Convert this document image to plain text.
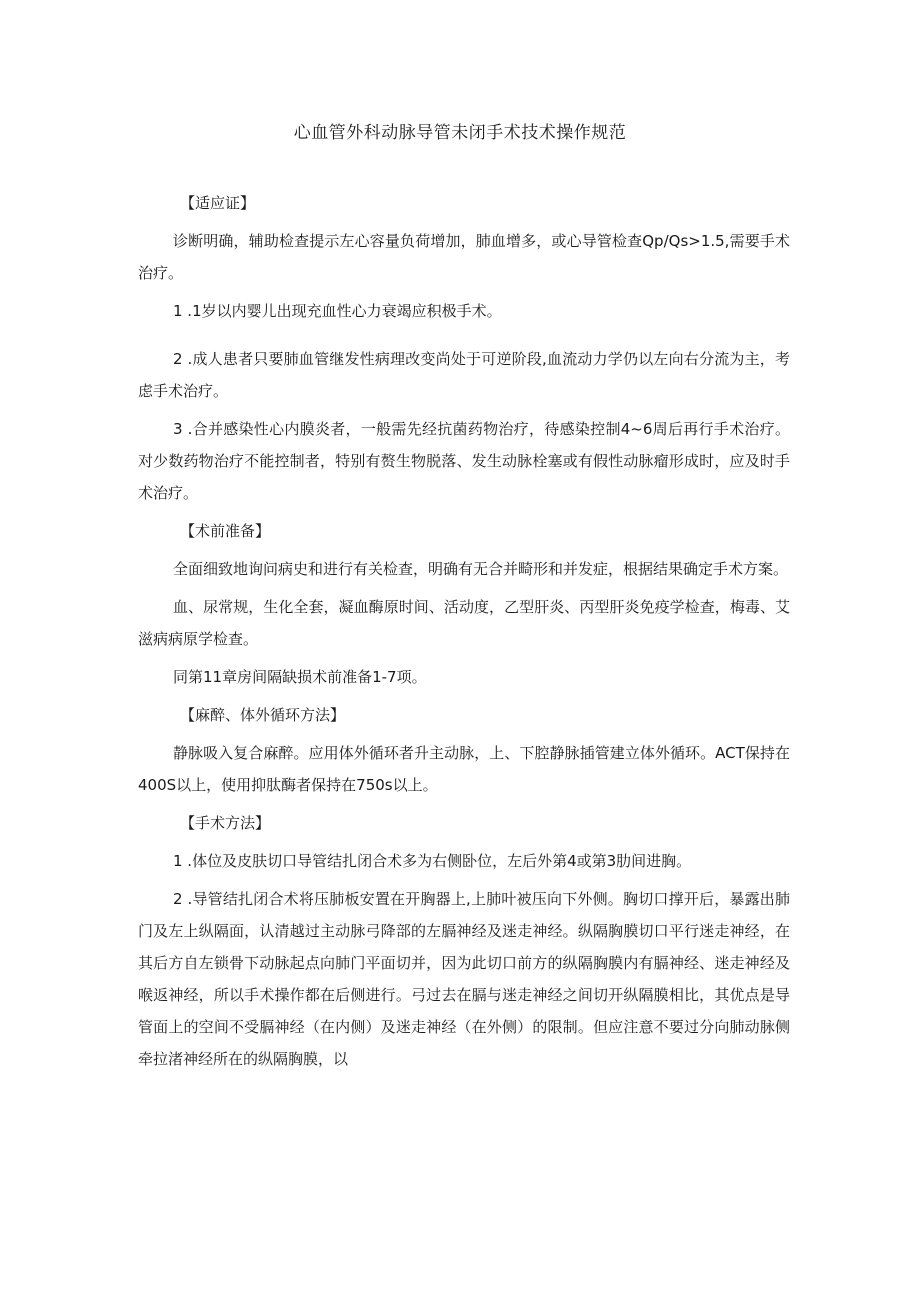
心血管外科动脉导管未闭手术技术操作规范

【适应证】

诊断明确，辅助检查提示左心容量负荷增加，肺血增多，或心导管检查Qp/Qs>1.5,需要手术治疗。

1 .1岁以内婴儿出现充血性心力衰竭应积极手术。

2 .成人患者只要肺血管继发性病理改变尚处于可逆阶段,血流动力学仍以左向右分流为主，考虑手术治疗。

3 .合并感染性心内膜炎者，一般需先经抗菌药物治疗，待感染控制4~6周后再行手术治疗。对少数药物治疗不能控制者，特别有赘生物脱落、发生动脉栓塞或有假性动脉瘤形成时，应及时手术治疗。

【术前准备】

全面细致地询问病史和进行有关检查，明确有无合并畸形和并发症，根据结果确定手术方案。

血、尿常规，生化全套，凝血酶原时间、活动度，乙型肝炎、丙型肝炎免疫学检查，梅毒、艾滋病病原学检查。

同第11章房间隔缺损术前准备1-7项。

【麻醉、体外循环方法】

静脉吸入复合麻醉。应用体外循环者升主动脉，上、下腔静脉插管建立体外循环。ACT保持在400S以上，使用抑肽酶者保持在750s以上。

【手术方法】

1 .体位及皮肤切口导管结扎闭合术多为右侧卧位，左后外第4或第3肋间进胸。

2 .导管结扎闭合术将压肺板安置在开胸器上,上肺叶被压向下外侧。胸切口撑开后，暴露出肺门及左上纵隔面，认清越过主动脉弓降部的左膈神经及迷走神经。纵隔胸膜切口平行迷走神经，在其后方自左锁骨下动脉起点向肺门平面切并，因为此切口前方的纵隔胸膜内有膈神经、迷走神经及喉返神经，所以手术操作都在后侧进行。弓过去在膈与迷走神经之间切开纵隔膜相比，其优点是导管面上的空间不受膈神经（在内侧）及迷走神经（在外侧）的限制。但应注意不要过分向肺动脉侧牵拉渚神经所在的纵隔胸膜，以
